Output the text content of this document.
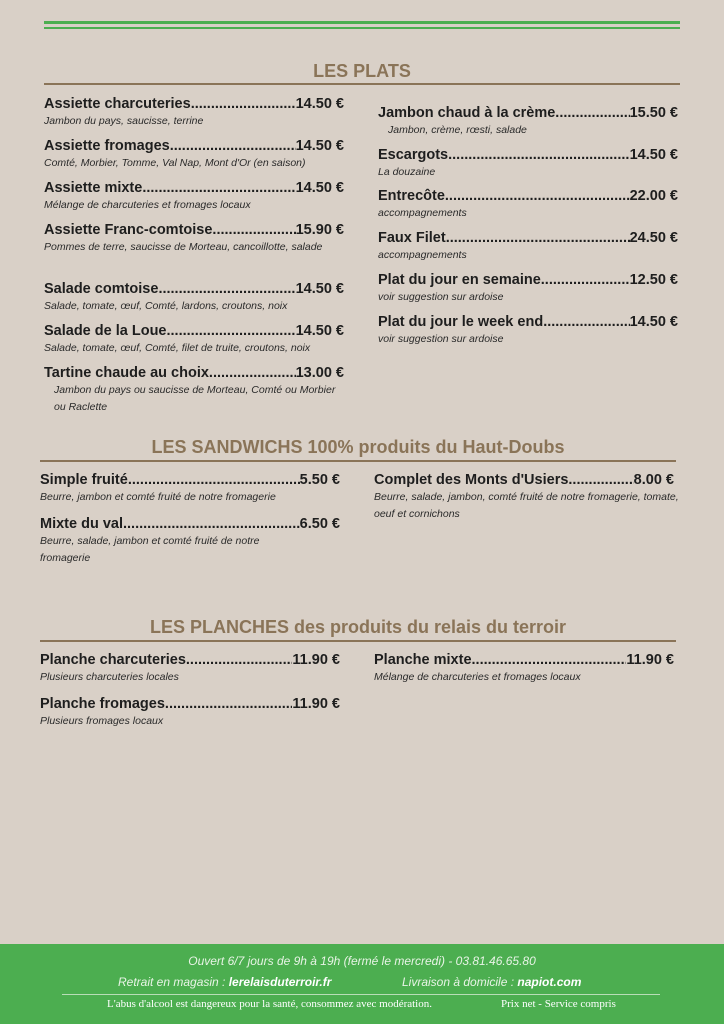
LES PLATS
Assiette charcuteries .....	14.50 €
Jambon du pays, saucisse, terrine
Assiette fromages .....	14.50 €
Comté, Morbier, Tomme, Val Nap, Mont d'Or (en saison)
Assiette mixte .....	14.50 €
Mélange de charcuteries et fromages locaux
Assiette Franc-comtoise .....	15.90 €
Pommes de terre, saucisse de Morteau, cancoillotte, salade
Salade comtoise .....	14.50 €
Salade, tomate, œuf, Comté, lardons, croutons, noix
Salade de la Loue .....	14.50 €
Salade, tomate, œuf, Comté, filet de truite, croutons, noix
Tartine chaude au choix .....	13.00 €
Jambon du pays ou saucisse de Morteau, Comté ou Morbier ou Raclette
Jambon chaud à la crème .....	15.50 €
Jambon, crème, rœsti, salade
Escargots .....	14.50 €
La douzaine
Entrecôte .....	22.00 €
accompagnements
Faux Filet .....	24.50 €
accompagnements
Plat du jour en semaine .....	12.50 €
voir suggestion sur ardoise
Plat du jour le week end .....	14.50 €
voir suggestion sur ardoise
LES SANDWICHS 100% produits du Haut-Doubs
Simple fruité .....	5.50 €
Beurre, jambon et comté fruité de notre fromagerie
Mixte du val .....	6.50 €
Beurre, salade, jambon et comté fruité de notre fromagerie
Complet des Monts d'Usiers .....	8.00 €
Beurre, salade, jambon, comté fruité de notre fromagerie, tomate, oeuf et cornichons
LES PLANCHES des produits du relais du terroir
Planche charcuteries .....	11.90 €
Plusieurs charcuteries locales
Planche fromages .....	11.90 €
Plusieurs fromages locaux
Planche mixte .....	11.90 €
Mélange de charcuteries et fromages locaux
Ouvert 6/7 jours de 9h à 19h (fermé le mercredi) - 03.81.46.65.80
Retrait en magasin : lerelaisduterroir.fr	Livraison à domicile : napiot.com
L'abus d'alcool est dangereux pour la santé, consommez avec modération.	Prix net - Service compris
